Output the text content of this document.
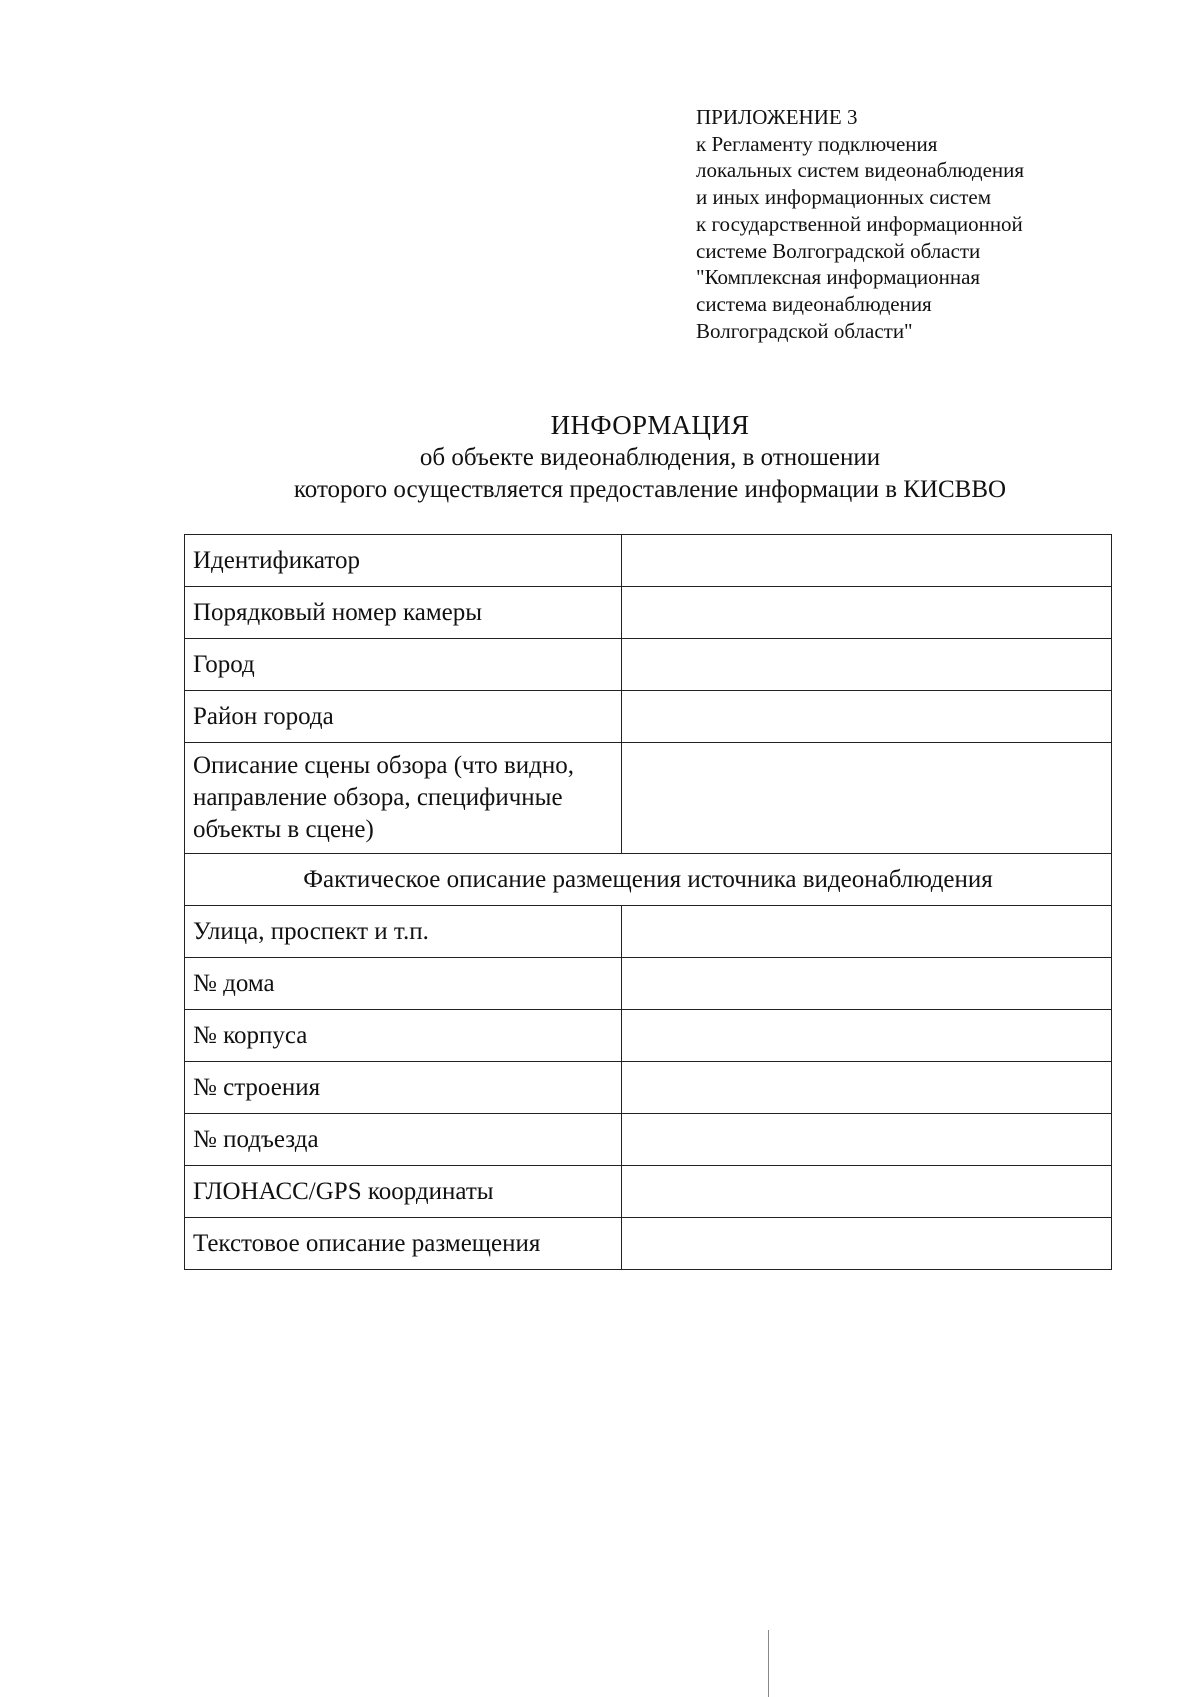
ПРИЛОЖЕНИЕ 3
к Регламенту подключения
локальных систем видеонаблюдения
и иных информационных систем
к государственной информационной
системе Волгоградской области
"Комплексная информационная
система видеонаблюдения
Волгоградской области"
ИНФОРМАЦИЯ
об объекте видеонаблюдения, в отношении
которого осуществляется предоставление информации в КИСВВО
Идентификатор	
Порядковый номер камеры	
Город	
Район города	
Описание сцены обзора (что видно, направление обзора, специфичные объекты в сцене)	
Фактическое описание размещения источника видеонаблюдения	
Улица, проспект и т.п.	
№ дома	
№ корпуса	
№ строения	
№ подъезда	
ГЛОНАСС/GPS координаты	
Текстовое описание размещения	
